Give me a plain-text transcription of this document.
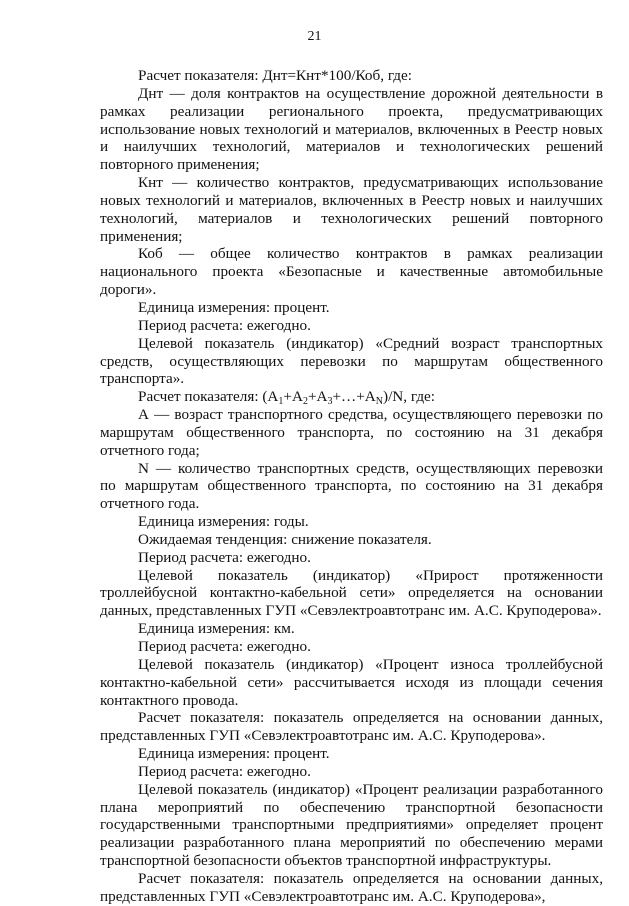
21

Расчет показателя: Днт=Кнт*100/Коб, где:

Днт — доля контрактов на осуществление дорожной деятельности в рамках реализации регионального проекта, предусматривающих использование новых технологий и материалов, включенных в Реестр новых и наилучших технологий, материалов и технологических решений повторного применения;

Кнт — количество контрактов, предусматривающих использование новых технологий и материалов, включенных в Реестр новых и наилучших технологий, материалов и технологических решений повторного применения;

Коб — общее количество контрактов в рамках реализации национального проекта «Безопасные и качественные автомобильные дороги».

Единица измерения: процент.

Период расчета: ежегодно.

Целевой показатель (индикатор) «Средний возраст транспортных средств, осуществляющих перевозки по маршрутам общественного транспорта».

Расчет показателя: $(A_1+A_2+A_3+\dots+A_N)/N$, где:

А — возраст транспортного средства, осуществляющего перевозки по маршрутам общественного транспорта, по состоянию на 31 декабря отчетного года;

N — количество транспортных средств, осуществляющих перевозки по маршрутам общественного транспорта, по состоянию на 31 декабря отчетного года.

Единица измерения: годы.

Ожидаемая тенденция: снижение показателя.

Период расчета: ежегодно.

Целевой показатель (индикатор) «Прирост протяженности троллейбусной контактно-кабельной сети» определяется на основании данных, представленных ГУП «Севэлектроавтотранс им. А.С. Круподерова».

Единица измерения: км.

Период расчета: ежегодно.

Целевой показатель (индикатор) «Процент износа троллейбусной контактно-кабельной сети» рассчитывается исходя из площади сечения контактного провода.

Расчет показателя: показатель определяется на основании данных, представленных ГУП «Севэлектроавтотранс им. А.С. Круподерова».

Единица измерения: процент.

Период расчета: ежегодно.

Целевой показатель (индикатор) «Процент реализации разработанного плана мероприятий по обеспечению транспортной безопасности государственными транспортными предприятиями» определяет процент реализации разработанного плана мероприятий по обеспечению мерами транспортной безопасности объектов транспортной инфраструктуры.

Расчет показателя: показатель определяется на основании данных, представленных ГУП «Севэлектроавтотранс им. А.С. Круподерова»,
